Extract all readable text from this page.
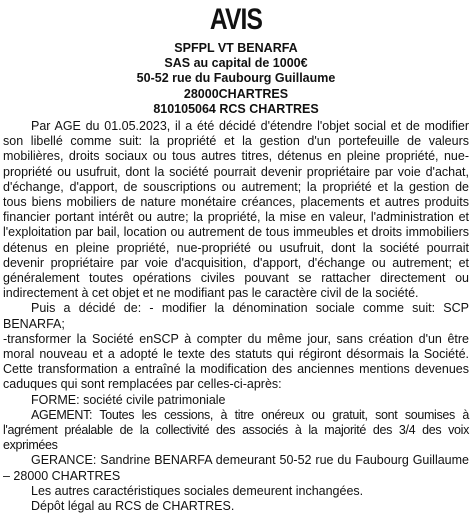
AVIS
SPFPL VT BENARFA
SAS au capital de 1000€
50-52 rue du Faubourg Guillaume
28000CHARTRES
810105064 RCS CHARTRES

Par AGE du 01.05.2023, il a été décidé d'étendre l'objet social et de modifier son libellé comme suit: la propriété et la gestion d'un portefeuille de valeurs mobilières, droits sociaux ou tous autres titres, détenus en pleine propriété, nue-propriété ou usufruit, dont la société pourrait devenir propriétaire par voie d'achat, d'échange, d'apport, de souscriptions ou autrement; la propriété et la gestion de tous biens mobiliers de nature monétaire créances, placements et autres produits financier portant intérêt ou autre; la propriété, la mise en valeur, l'administration et l'exploitation par bail, location ou autrement de tous immeubles et droits immobiliers détenus en pleine propriété, nue-propriété ou usufruit, dont la société pourrait devenir propriétaire par voie d'acquisition, d'apport, d'échange ou autrement; et généralement toutes opérations civiles pouvant se rattacher directement ou indirectement à cet objet et ne modifiant pas le caractère civil de la société.

Puis a décidé de: - modifier la dénomination sociale comme suit: SCP BENARFA;

-transformer la Société enSCP à compter du même jour, sans création d'un être moral nouveau et a adopté le texte des statuts qui régiront désormais la Société. Cette transformation a entraîné la modification des anciennes mentions devenues caduques qui sont remplacées par celles-ci-après:

FORME: société civile patrimoniale

AGEMENT: Toutes les cessions, à titre onéreux ou gratuit, sont soumises à l'agrément préalable de la collectivité des associés à la majorité des 3/4 des voix exprimées

GERANCE: Sandrine BENARFA demeurant 50-52 rue du Faubourg Guillaume – 28000 CHARTRES

Les autres caractéristiques sociales demeurent inchangées.

Dépôt légal au RCS de CHARTRES.
